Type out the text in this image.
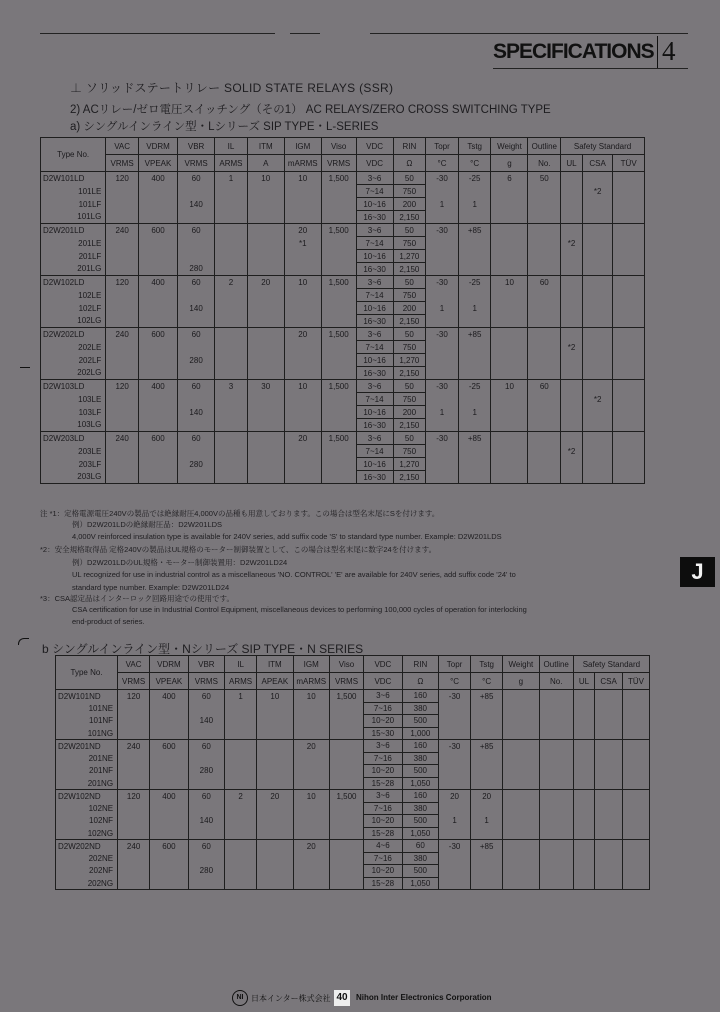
SPECIFICATIONS 4
⊥ ソリッドステートリレー SOLID STATE RELAYS (SSR)
2) ACリレー/ゼロ電圧スイッチング（その1） AC RELAYS/ZERO CROSS SWITCHING TYPE
a) シングルインライン型・Lシリーズ SIP TYPE・L-SERIES
Type No.	VAC	VDRM	VBR	IL	ITM	IGM	Viso	VDC	RIN	Topr	Tstg	Weight	Outline	Safety Standard		
	VRMS	VPEAK	VRMS	ARMS	A	mARMS	VRMS	VDC	Ω	°C	°C	g	No.	UL	CSA	TÜV
D2W101LD	120	400	60	1	10	10	1,500	3~6	50	-30	-25	6	50			
101LE								7~14	750						*2	
101LF			140					10~16	200	1	1					
101LG								16~30	2,150							
D2W201LD	240	600	60			20	1,500	3~6	50	-30	+85					
201LE						*1		7~14	750					*2		
201LF								10~16	1,270							
201LG			280					16~30	2,150							
D2W102LD	120	400	60	2	20	10	1,500	3~6	50	-30	-25	10	60			
102LE								7~14	750							
102LF			140					10~16	200	1	1					
102LG								16~30	2,150							
D2W202LD	240	600	60			20	1,500	3~6	50	-30	+85					
202LE								7~14	750					*2		
202LF			280					10~16	1,270							
202LG								16~30	2,150							
D2W103LD	120	400	60	3	30	10	1,500	3~6	50	-30	-25	10	60			
103LE								7~14	750						*2	
103LF			140					10~16	200	1	1					
103LG								16~30	2,150							
D2W203LD	240	600	60			20	1,500	3~6	50	-30	+85					
203LE								7~14	750					*2		
203LF			280					10~16	1,270							
203LG								16~30	2,150							
注 *1：定格電源電圧240Vの製品では絶縁耐圧4,000Vの品種も用意しております。この場合は型名末尾にSを付けます。
例）D2W201LDの絶縁耐圧品：D2W201LDS
4,000V reinforced insulation type is available for 240V series, add suffix code 'S' to standard type number. Example: D2W201LDS
*2：安全規格取得品 定格240Vの製品はUL規格のモーター制御装置として、この場合は型名末尾に数字24を付けます。
例）D2W201LDのUL規格・モーター制御装置用：D2W201LD24
UL recognized for use in industrial control as a miscellaneous 'NO. CONTROL' 'E' are available for 240V series, add suffix code '24' to
standard type number. Example: D2W201LD24
*3：CSA認定品はインターロック回路用途での使用です。
CSA certification for use in Industrial Control Equipment, miscellaneous devices to performing 100,000 cycles of operation for interlocking
end-product of series.
J
b シングルインライン型・Nシリーズ SIP TYPE・N SERIES
Type No.	VAC	VDRM	VBR	IL	ITM	IGM	Viso	VDC	RIN	Topr	Tstg	Weight	Outline	Safety Standard		
	VRMS	VPEAK	VRMS	ARMS	APEAK	mARMS	VRMS	VDC	Ω	°C	°C	g	No.	UL	CSA	TÜV
D2W101ND	120	400	60	1	10	10	1,500	3~6	160	-30	+85					
101NE								7~16	380							
101NF			140					10~20	500							
101NG								15~30	1,000							
D2W201ND	240	600	60			20		3~6	160	-30	+85					
201NE								7~16	380							
201NF			280					10~20	500							
201NG								15~28	1,050							
D2W102ND	120	400	60	2	20	10	1,500	3~6	160	20	20					
102NE								7~16	380							
102NF			140					10~20	500	1	1					
102NG								15~28	1,050							
D2W202ND	240	600	60			20		4~6	60	-30	+85					
202NE								7~16	380							
202NF			280					10~20	500							
202NG								15~28	1,050							
NI 日本インター株式会社 40	Nihon Inter Electronics Corporation
